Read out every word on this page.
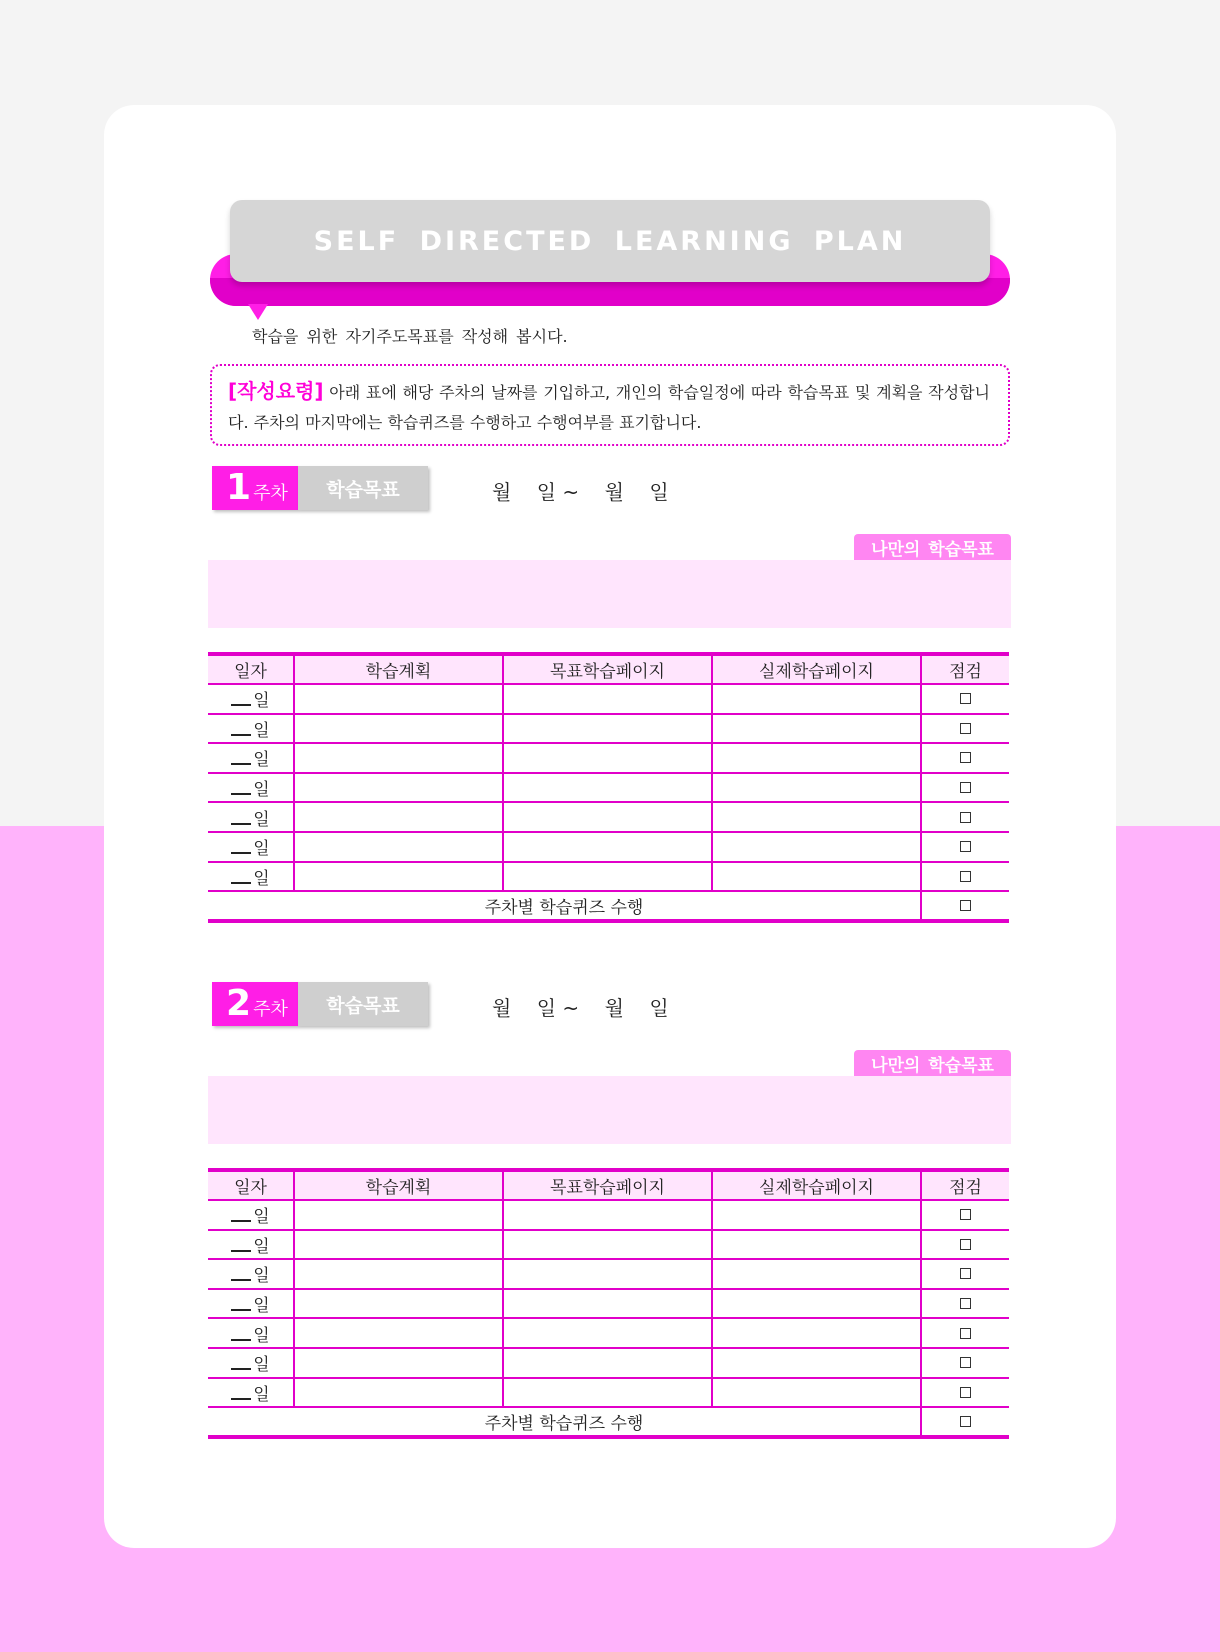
SELF DIRECTED LEARNING PLAN
학습을 위한 자기주도목표를 작성해 봅시다.
[작성요령] 아래 표에 해당 주차의 날짜를 기입하고, 개인의 학습일정에 따라 학습목표 및 계획을 작성합니다. 주차의 마지막에는 학습퀴즈를 수행하고 수행여부를 표기합니다.
1 주차	학습목표	월    일 ~    월    일
나만의 학습목표
일자	학습계획	목표학습페이지	실제학습페이지	점검
일				
일				
일				
일				
일				
일				
일				
주차별 학습퀴즈 수행				
2 주차	학습목표	월    일 ~    월    일
나만의 학습목표
일자	학습계획	목표학습페이지	실제학습페이지	점검
일				
일				
일				
일				
일				
일				
일				
주차별 학습퀴즈 수행				
